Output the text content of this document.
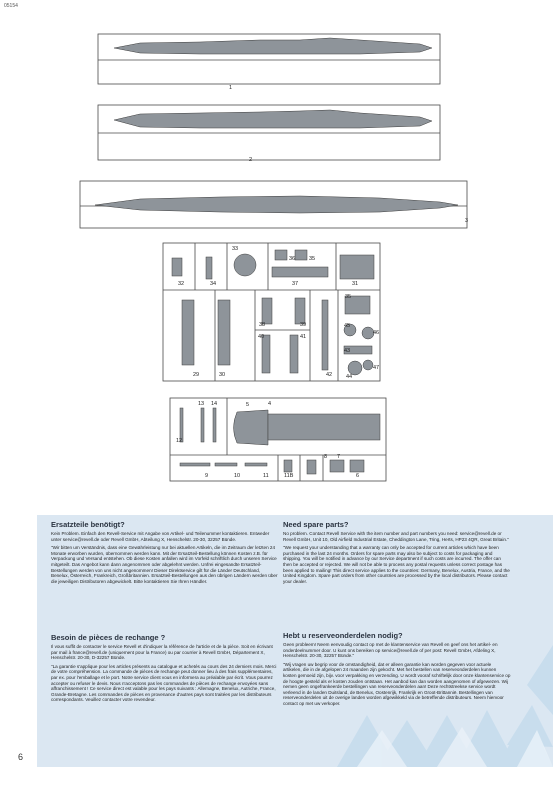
05154
1
2
3
32	34
33
36	35
37	31
38	39
35
40	41
42
45
46
43
47
29	30	44
13 14
12
5	4
9	10	11
8
6
7
11B
Ersatzteile benötigt?

Kein Problem. Einfach den Revell-Service mit Angabe von Artikel- und Teilenummer kontaktieren. Entweder unter service@revell.de oder Revell GmbH, Abteilung X, Henschelstr. 20-30, 32257 Bünde.

"Wir bitten um Verständnis, dass eine Gewährleistung nur bei aktuellen Artikeln, die im Zeitraum der letzten 24 Monate erworben wurden, übernommen werden kann. Mit der Ersatzteil-Bestellung können Kosten z.B. für Verpackung und Versand entstehen. Ob diese Kosten anfallen wird im Vorfeld schriftlich durch unseren Service mitgeteilt. Das Angebot kann dann angenommen oder abgelehnt werden. Unfrei eingesandte Ersatzteil-Bestellungen werden von uns nicht angenommen! Dieser Direktservice gilt für die Länder Deutschland, Benelux, Österreich, Frankreich, Großbritannien. Ersatzteil-Bestellungen aus den übrigen Ländern werden über die jeweiligen Distributoren abgewickelt. Bitte kontaktieren Sie Ihren Händler.

Besoin de pièces de rechange ?

Il vous suffit de contacter le service Revell et d'indiquer la référence de l'article et de la pièce. Soit en écrivant par mail à france@revell.de (uniquement pour la France) ou par courrier à Revell GmbH, Département X, Henschelstr. 20-30, D-32257 Bünde.

"La garantie s'applique pour les articles présents au catalogue et achetés au cours des 24 derniers mois. Merci de votre compréhension. La commande de pièces de rechange peut donner lieu à des frais supplémentaires, par ex. pour l'emballage et le port. Notre service client vous en informera au préalable par écrit. Vous pourrez accepter ou refuser le devis. Nous n'acceptons pas les commandes de pièces de rechange envoyées sans affranchissement ! Ce service direct est valable pour les pays suivants : Allemagne, Benelux, Autriche, France, Grande-Bretagne. Les commandes de pièces en provenance d'autres pays sont traitées par les distributeurs correspondants. Veuillez contacter votre revendeur.

Need spare parts?

No problem. Contact Revell Service with the item number and part numbers you need: service@revell.de or Revell GmbH, Unit 10, Old Airfield Industrial Estate, Cheddington Lane, Tring, Herts, HP23 4QR, Great Britain."

"We request your understanding that a warranty can only be accepted for current articles which have been purchased in the last 24 months. Orders for spare parts may also be subject to costs for packaging and shipping. You will be notified in advance by our Service department if such costs are incurred. The offer can then be accepted or rejected. We will not be able to process any postal requests unless correct postage has been applied to mailing! This direct service applies to the countries: Germany, Benelux, Austria, France, and the United Kingdom. Spare part orders from other countries are processed by the local distributors. Please contact your dealer.

Hebt u reserveonderdelen nodig?

Geen probleem! Neem eenvoudig contact op met de klantenservice van Revell en geef ons het artikel- en onderdeelnummer door. U kunt ons bereiken op service@revell.de of per post: Revell GmbH, Afdeling X, Henschelstr. 20-30, 32257 Bünde."

"Wij vragen uw begrip voor de omstandigheid, dat er alleen garantie kan worden gegeven voor actuele artikelen, die in de afgelopen 24 maanden zijn gekocht. Met het bestellen van reserveonderdelen kunnen kosten gemoeid zijn, bijv. voor verpakking en verzending. U wordt vooraf schriftelijk door onze klantenservice op de hoogte gesteld als er kosten zouden ontstaan. Het aanbod kan dan worden aangenomen of afgewezen. Wij nemen geen ongefrankeerde bestellingen van reserveonderdelen aan! Deze rechtstreekse service wordt verleend in de landen Duitsland, de Benelux, Oostenrijk, Frankrijk en Groot-Brittannië. Bestellingen van reserveonderdelen uit de overige landen worden afgewikkeld via de betreffende distributeurs. Neem hiervoor contact op met uw verkoper.

6
